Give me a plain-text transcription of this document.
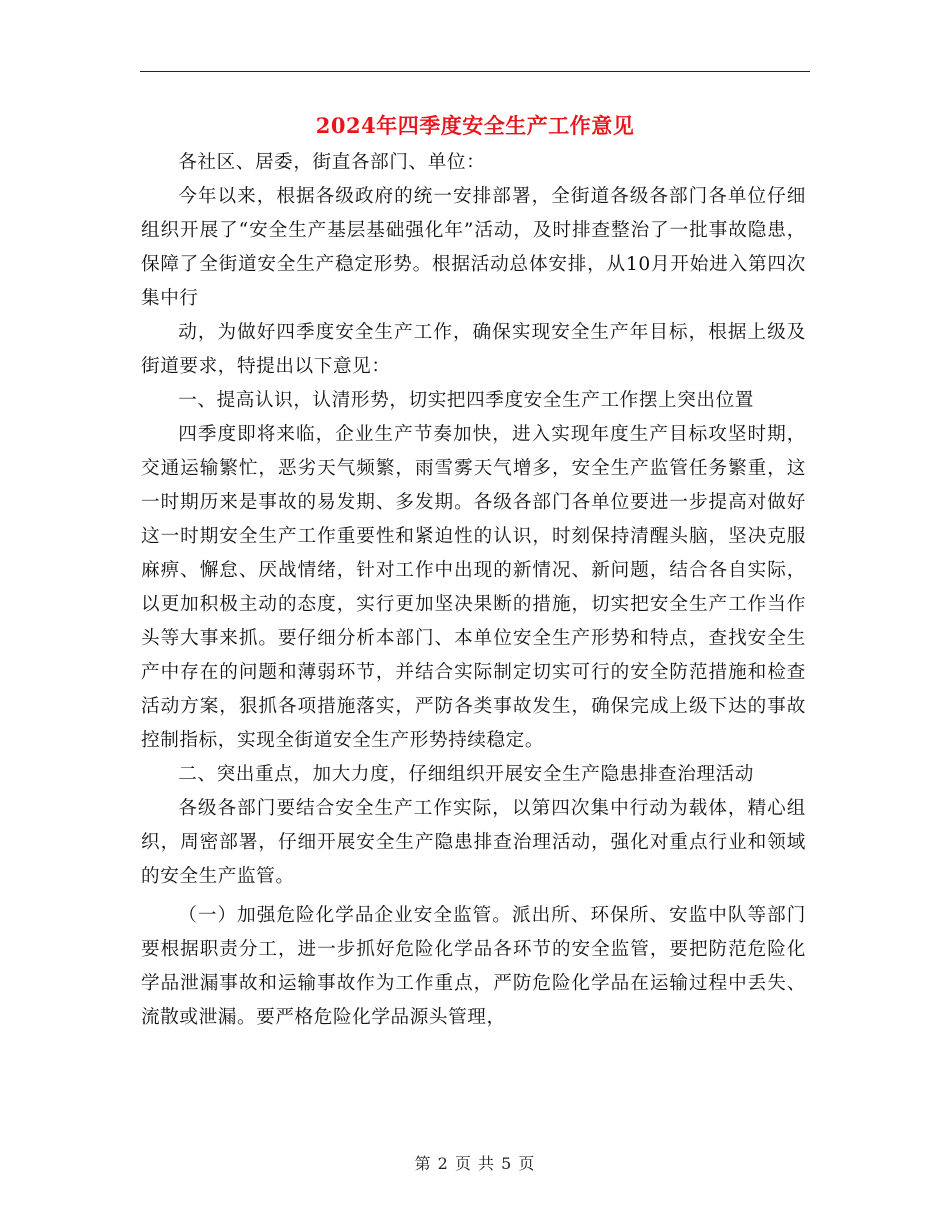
2024年四季度安全生产工作意见

各社区、居委，街直各部门、单位：

今年以来，根据各级政府的统一安排部署，全街道各级各部门各单位仔细组织开展了“安全生产基层基础强化年”活动，及时排查整治了一批事故隐患，保障了全街道安全生产稳定形势。根据活动总体安排，从10月开始进入第四次集中行

动，为做好四季度安全生产工作，确保实现安全生产年目标，根据上级及街道要求，特提出以下意见：

一、提高认识，认清形势，切实把四季度安全生产工作摆上突出位置

四季度即将来临，企业生产节奏加快，进入实现年度生产目标攻坚时期，交通运输繁忙，恶劣天气频繁，雨雪雾天气增多，安全生产监管任务繁重，这一时期历来是事故的易发期、多发期。各级各部门各单位要进一步提高对做好这一时期安全生产工作重要性和紧迫性的认识，时刻保持清醒头脑，坚决克服麻痹、懈怠、厌战情绪，针对工作中出现的新情况、新问题，结合各自实际，以更加积极主动的态度，实行更加坚决果断的措施，切实把安全生产工作当作头等大事来抓。要仔细分析本部门、本单位安全生产形势和特点，查找安全生产中存在的问题和薄弱环节，并结合实际制定切实可行的安全防范措施和检查活动方案，狠抓各项措施落实，严防各类事故发生，确保完成上级下达的事故控制指标，实现全街道安全生产形势持续稳定。

二、突出重点，加大力度，仔细组织开展安全生产隐患排查治理活动

各级各部门要结合安全生产工作实际，以第四次集中行动为载体，精心组织，周密部署，仔细开展安全生产隐患排查治理活动，强化对重点行业和领域的安全生产监管。

（一）加强危险化学品企业安全监管。派出所、环保所、安监中队等部门要根据职责分工，进一步抓好危险化学品各环节的安全监管，要把防范危险化学品泄漏事故和运输事故作为工作重点，严防危险化学品在运输过程中丢失、流散或泄漏。要严格危险化学品源头管理，

第 2 页 共 5 页
